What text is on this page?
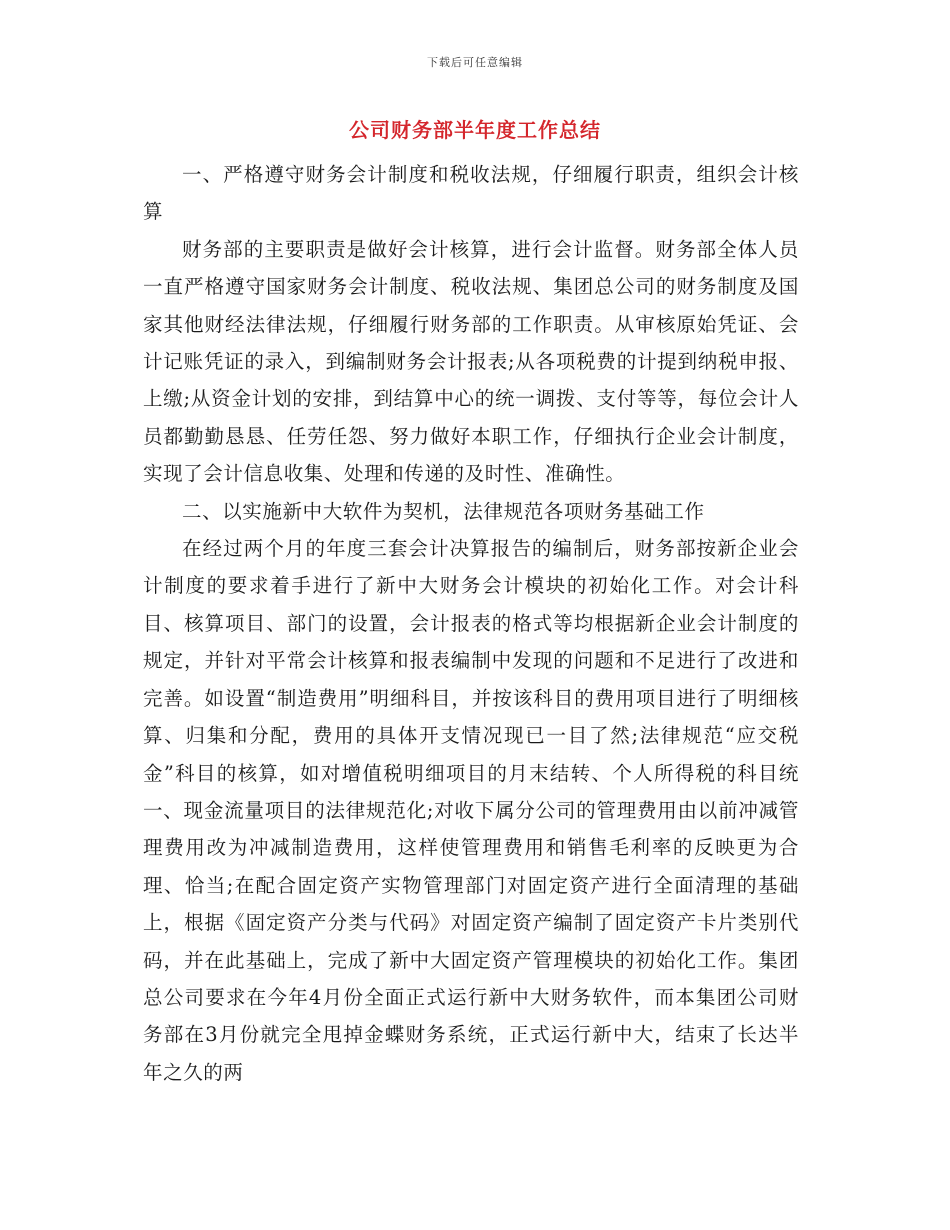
下载后可任意编辑
公司财务部半年度工作总结

一、严格遵守财务会计制度和税收法规，仔细履行职责，组织会计核算

财务部的主要职责是做好会计核算，进行会计监督。财务部全体人员一直严格遵守国家财务会计制度、税收法规、集团总公司的财务制度及国家其他财经法律法规，仔细履行财务部的工作职责。从审核原始凭证、会计记账凭证的录入，到编制财务会计报表;从各项税费的计提到纳税申报、上缴;从资金计划的安排，到结算中心的统一调拨、支付等等，每位会计人员都勤勤恳恳、任劳任怨、努力做好本职工作，仔细执行企业会计制度，实现了会计信息收集、处理和传递的及时性、准确性。

二、以实施新中大软件为契机，法律规范各项财务基础工作

在经过两个月的年度三套会计决算报告的编制后，财务部按新企业会计制度的要求着手进行了新中大财务会计模块的初始化工作。对会计科目、核算项目、部门的设置，会计报表的格式等均根据新企业会计制度的规定，并针对平常会计核算和报表编制中发现的问题和不足进行了改进和完善。如设置“制造费用”明细科目，并按该科目的费用项目进行了明细核算、归集和分配，费用的具体开支情况现已一目了然;法律规范“应交税金”科目的核算，如对增值税明细项目的月末结转、个人所得税的科目统一、现金流量项目的法律规范化;对收下属分公司的管理费用由以前冲减管理费用改为冲减制造费用，这样使管理费用和销售毛利率的反映更为合理、恰当;在配合固定资产实物管理部门对固定资产进行全面清理的基础上，根据《固定资产分类与代码》对固定资产编制了固定资产卡片类别代码，并在此基础上，完成了新中大固定资产管理模块的初始化工作。集团总公司要求在今年4月份全面正式运行新中大财务软件，而本集团公司财务部在3月份就完全甩掉金蝶财务系统，正式运行新中大，结束了长达半年之久的两
